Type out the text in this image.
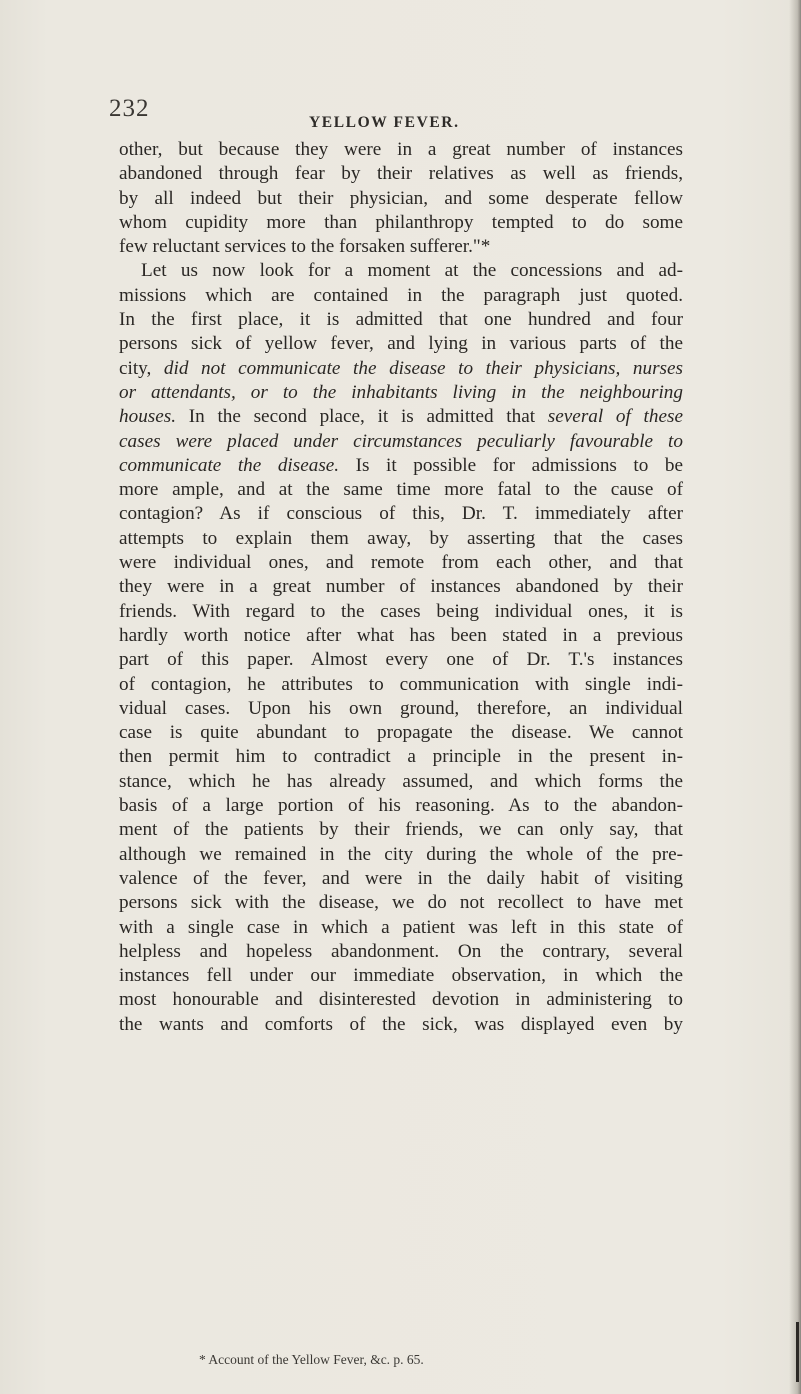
232
YELLOW FEVER.
other, but because they were in a great number of instances
abandoned through fear by their relatives as well as friends,
by all indeed but their physician, and some desperate fellow
whom cupidity more than philanthropy tempted to do some
few reluctant services to the forsaken sufferer."*
Let us now look for a moment at the concessions and ad-
missions which are contained in the paragraph just quoted.
In the first place, it is admitted that one hundred and four
persons sick of yellow fever, and lying in various parts of the
city, did not communicate the disease to their physicians, nurses
or attendants, or to the inhabitants living in the neighbouring
houses. In the second place, it is admitted that several of these
cases were placed under circumstances peculiarly favourable to
communicate the disease. Is it possible for admissions to be
more ample, and at the same time more fatal to the cause of
contagion? As if conscious of this, Dr. T. immediately after
attempts to explain them away, by asserting that the cases
were individual ones, and remote from each other, and that
they were in a great number of instances abandoned by their
friends. With regard to the cases being individual ones, it is
hardly worth notice after what has been stated in a previous
part of this paper. Almost every one of Dr. T.'s instances
of contagion, he attributes to communication with single indi-
vidual cases. Upon his own ground, therefore, an individual
case is quite abundant to propagate the disease. We cannot
then permit him to contradict a principle in the present in-
stance, which he has already assumed, and which forms the
basis of a large portion of his reasoning. As to the abandon-
ment of the patients by their friends, we can only say, that
although we remained in the city during the whole of the pre-
valence of the fever, and were in the daily habit of visiting
persons sick with the disease, we do not recollect to have met
with a single case in which a patient was left in this state of
helpless and hopeless abandonment. On the contrary, several
instances fell under our immediate observation, in which the
most honourable and disinterested devotion in administering to
the wants and comforts of the sick, was displayed even by
* Account of the Yellow Fever, &c. p. 65.
